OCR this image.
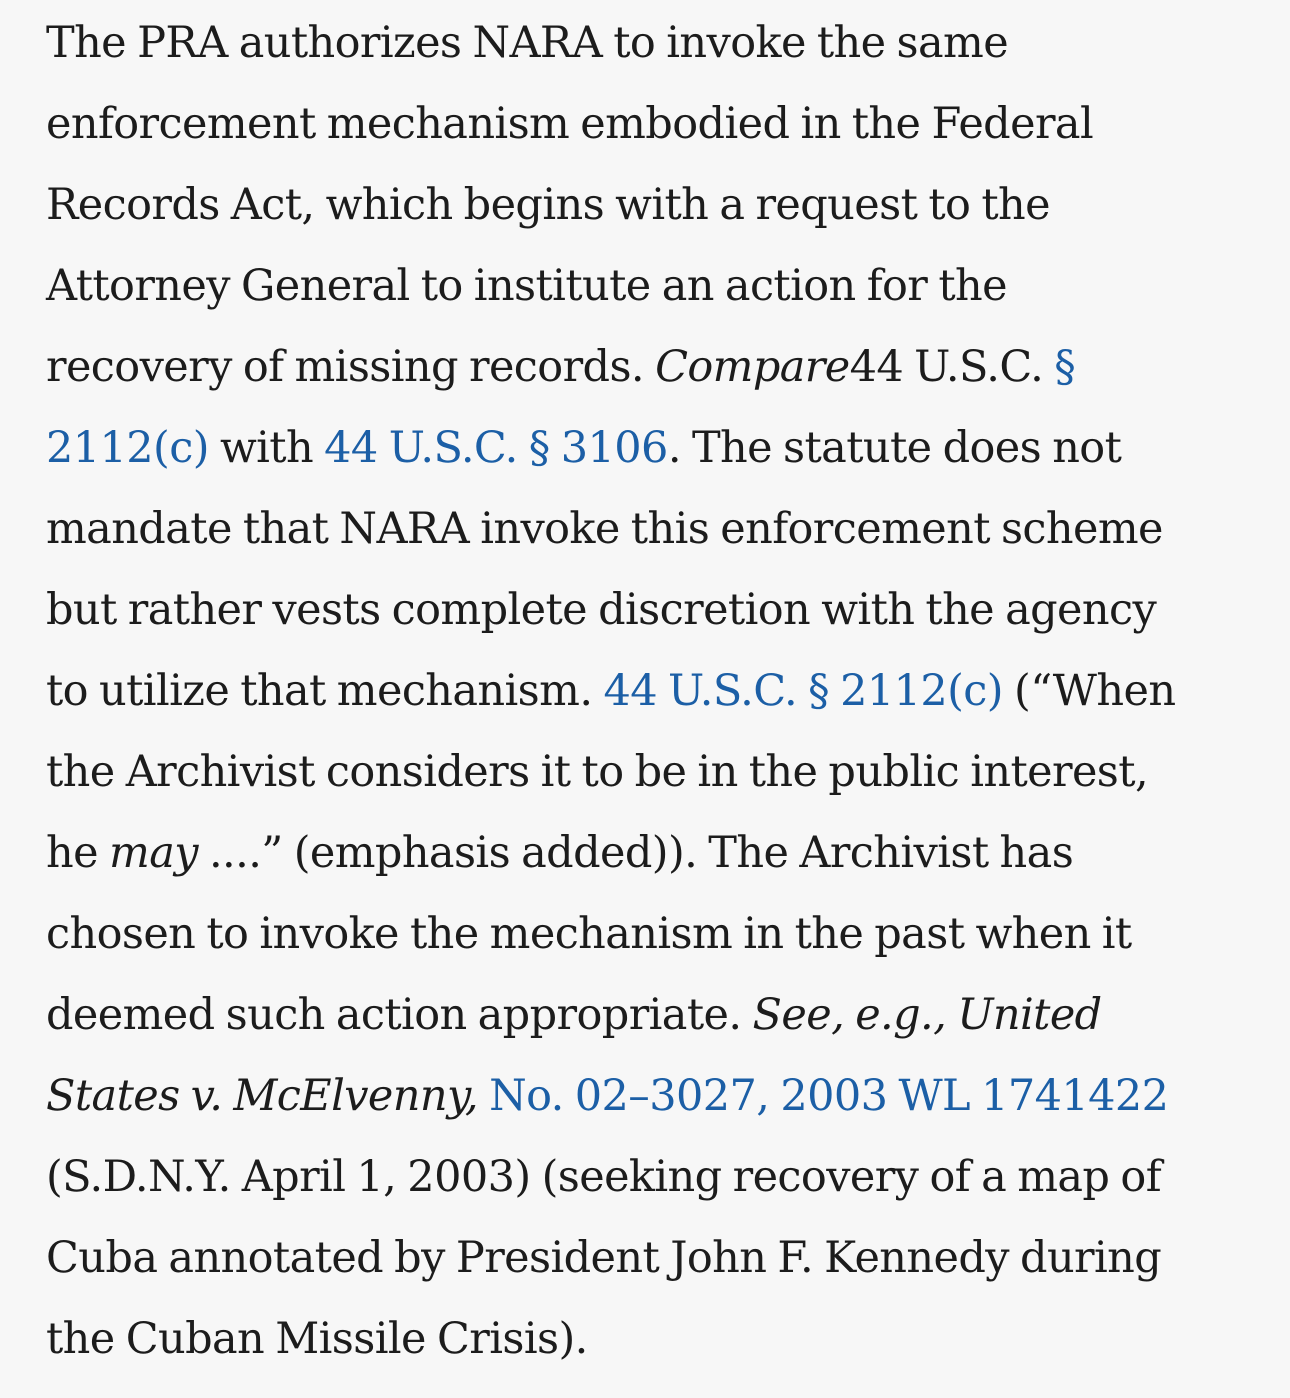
The PRA authorizes NARA to invoke the same
enforcement mechanism embodied in the Federal
Records Act, which begins with a request to the
Attorney General to institute an action for the
recovery of missing records. Compare44 U.S.C. §
2112(c) with 44 U.S.C. § 3106. The statute does not
mandate that NARA invoke this enforcement scheme
but rather vests complete discretion with the agency
to utilize that mechanism. 44 U.S.C. § 2112(c) (“When
the Archivist considers it to be in the public interest,
he may ....” (emphasis added)). The Archivist has
chosen to invoke the mechanism in the past when it
deemed such action appropriate. See, e.g., United
States v. McElvenny, No. 02–3027, 2003 WL 1741422
(S.D.N.Y. April 1, 2003) (seeking recovery of a map of
Cuba annotated by President John F. Kennedy during
the Cuban Missile Crisis).
